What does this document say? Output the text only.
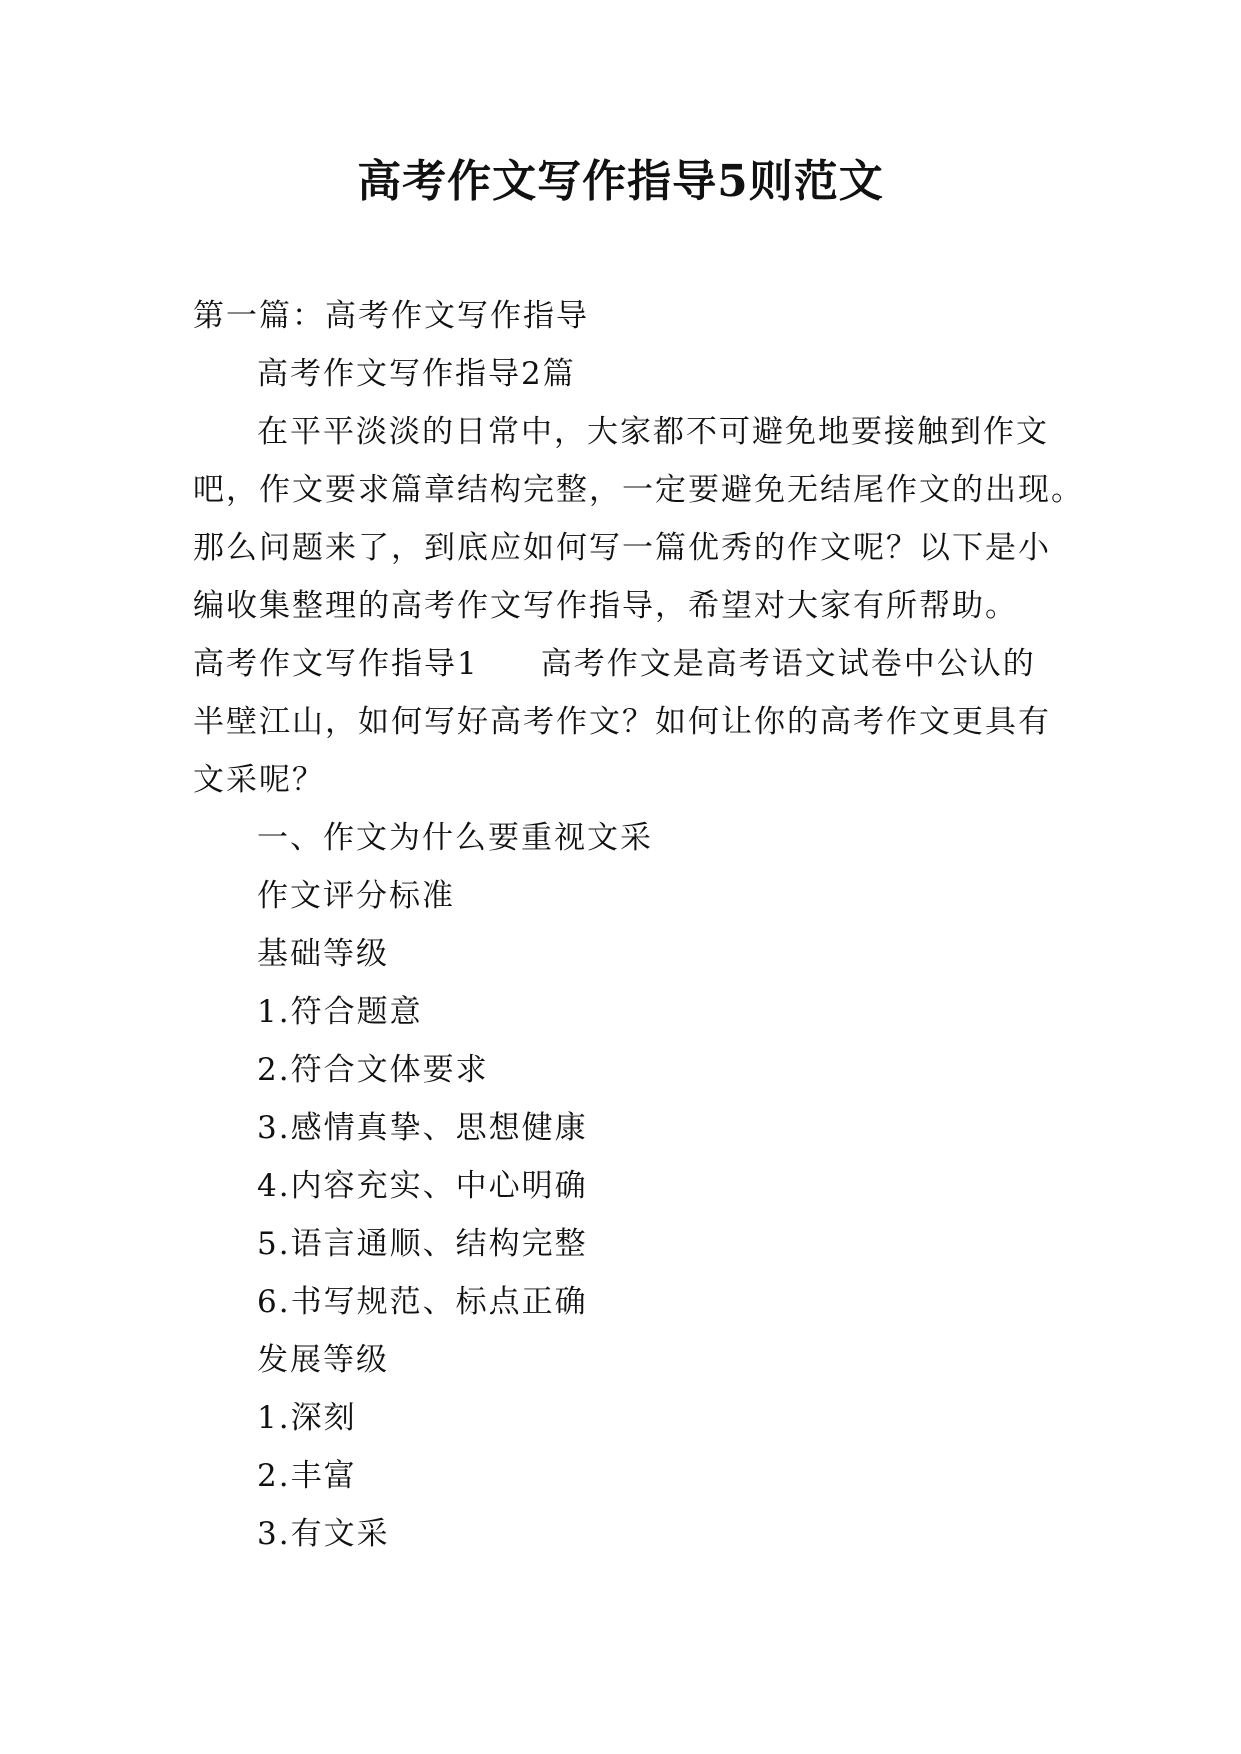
高考作文写作指导5则范文
第一篇：高考作文写作指导
高考作文写作指导2篇
在平平淡淡的日常中，大家都不可避免地要接触到作文
吧，作文要求篇章结构完整，一定要避免无结尾作文的出现。
那么问题来了，到底应如何写一篇优秀的作文呢？以下是小
编收集整理的高考作文写作指导，希望对大家有所帮助。
高考作文写作指导1 高考作文是高考语文试卷中公认的
半壁江山，如何写好高考作文？如何让你的高考作文更具有
文采呢？
一、作文为什么要重视文采
作文评分标准
基础等级
1.符合题意
2.符合文体要求
3.感情真挚、思想健康
4.内容充实、中心明确
5.语言通顺、结构完整
6.书写规范、标点正确
发展等级
1.深刻
2.丰富
3.有文采
